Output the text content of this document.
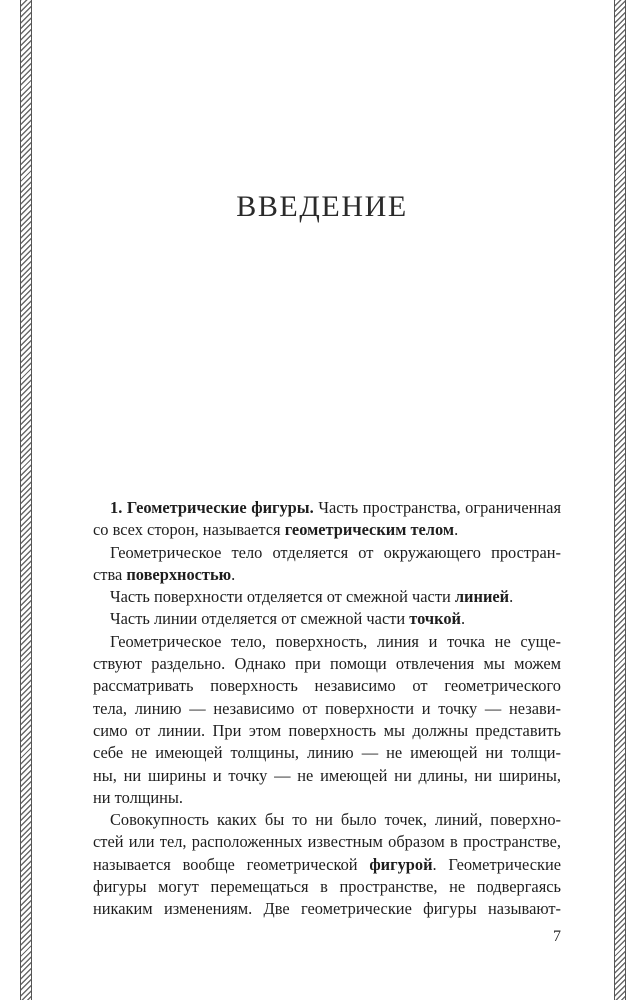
ВВЕДЕНИЕ

1. Геометрические фигуры. Часть пространства, ограниченная
со всех сторон, называется геометрическим телом.

Геометрическое тело отделяется от окружающего простран-
ства поверхностью.

Часть поверхности отделяется от смежной части линией.

Часть линии отделяется от смежной части точкой.

Геометрическое тело, поверхность, линия и точка не суще-
ствуют раздельно. Однако при помощи отвлечения мы можем
рассматривать поверхность независимо от геометрического
тела, линию — независимо от поверхности и точку — незави-
симо от линии. При этом поверхность мы должны представить
себе не имеющей толщины, линию — не имеющей ни толщи-
ны, ни ширины и точку — не имеющей ни длины, ни ширины,
ни толщины.

Совокупность каких бы то ни было точек, линий, поверхно-
стей или тел, расположенных известным образом в пространстве,
называется вообще геометрической фигурой. Геометрические
фигуры могут перемещаться в пространстве, не подвергаясь
никаким изменениям. Две геометрические фигуры называют-

7
